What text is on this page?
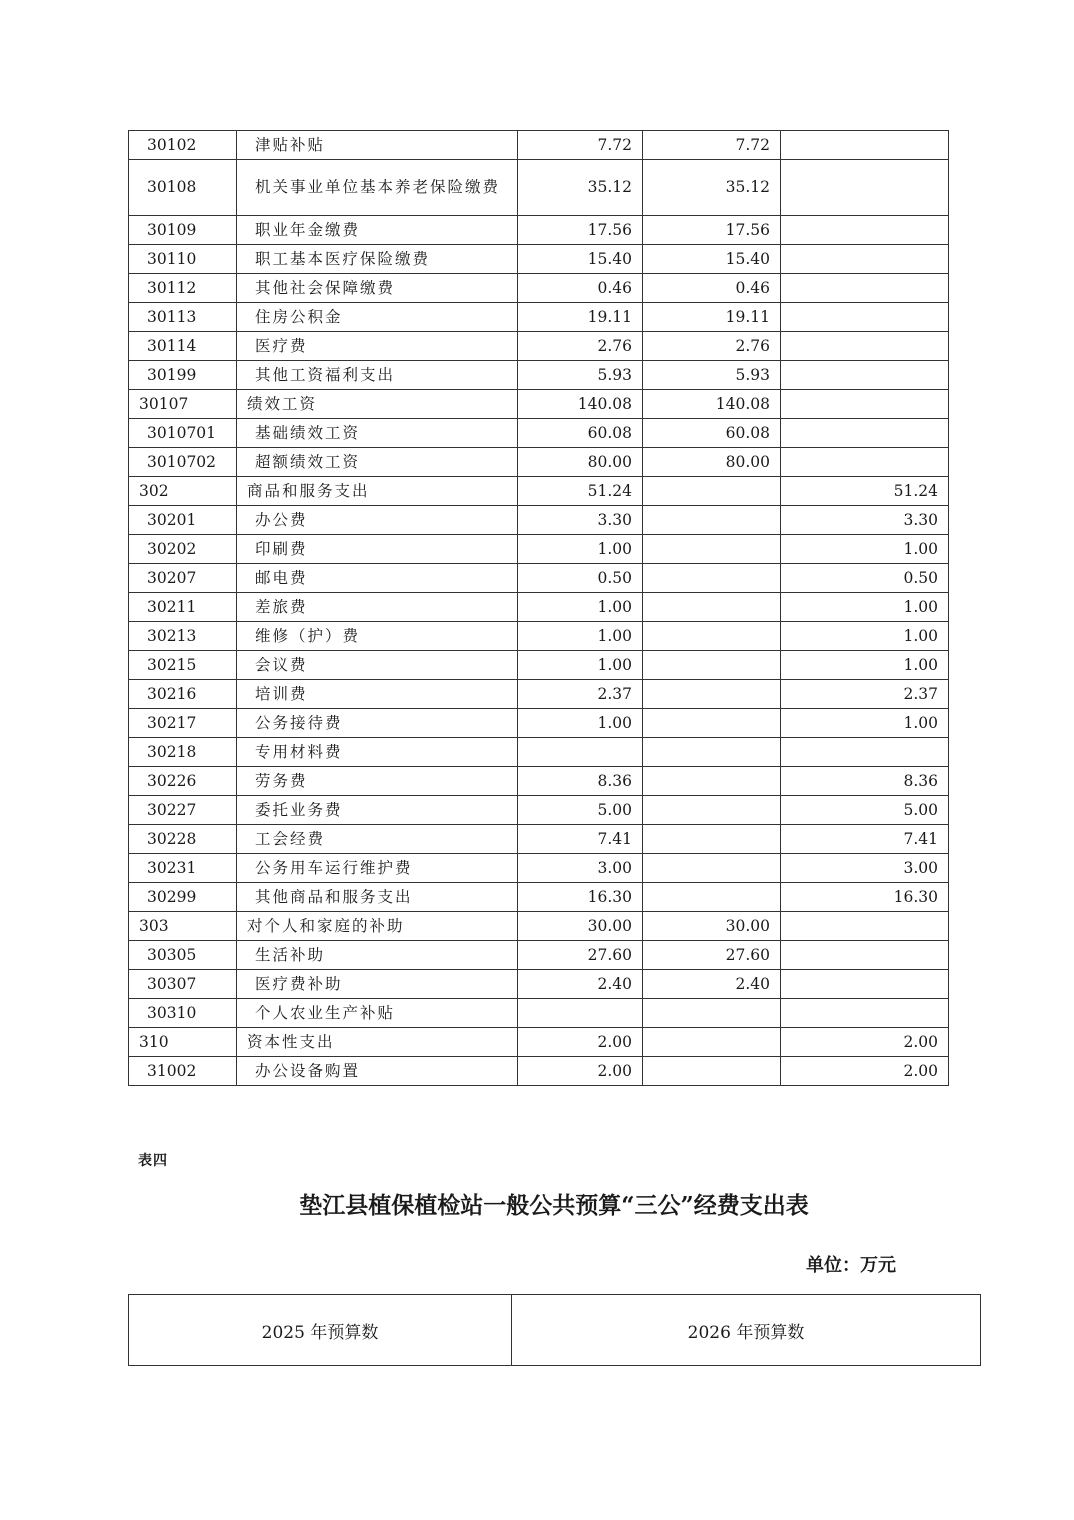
30102	津贴补贴	7.72	7.72	
30108	机关事业单位基本养老保险缴费	35.12	35.12	
30109	职业年金缴费	17.56	17.56	
30110	职工基本医疗保险缴费	15.40	15.40	
30112	其他社会保障缴费	0.46	0.46	
30113	住房公积金	19.11	19.11	
30114	医疗费	2.76	2.76	
30199	其他工资福利支出	5.93	5.93	
30107	绩效工资	140.08	140.08	
3010701	基础绩效工资	60.08	60.08	
3010702	超额绩效工资	80.00	80.00	
302	商品和服务支出	51.24		51.24
30201	办公费	3.30		3.30
30202	印刷费	1.00		1.00
30207	邮电费	0.50		0.50
30211	差旅费	1.00		1.00
30213	维修（护）费	1.00		1.00
30215	会议费	1.00		1.00
30216	培训费	2.37		2.37
30217	公务接待费	1.00		1.00
30218	专用材料费			
30226	劳务费	8.36		8.36
30227	委托业务费	5.00		5.00
30228	工会经费	7.41		7.41
30231	公务用车运行维护费	3.00		3.00
30299	其他商品和服务支出	16.30		16.30
303	对个人和家庭的补助	30.00	30.00	
30305	生活补助	27.60	27.60	
30307	医疗费补助	2.40	2.40	
30310	个人农业生产补贴			
310	资本性支出	2.00		2.00
31002	办公设备购置	2.00		2.00
表四
垫江县植保植检站一般公共预算“三公”经费支出表
单位：万元
2025 年预算数	2026 年预算数
